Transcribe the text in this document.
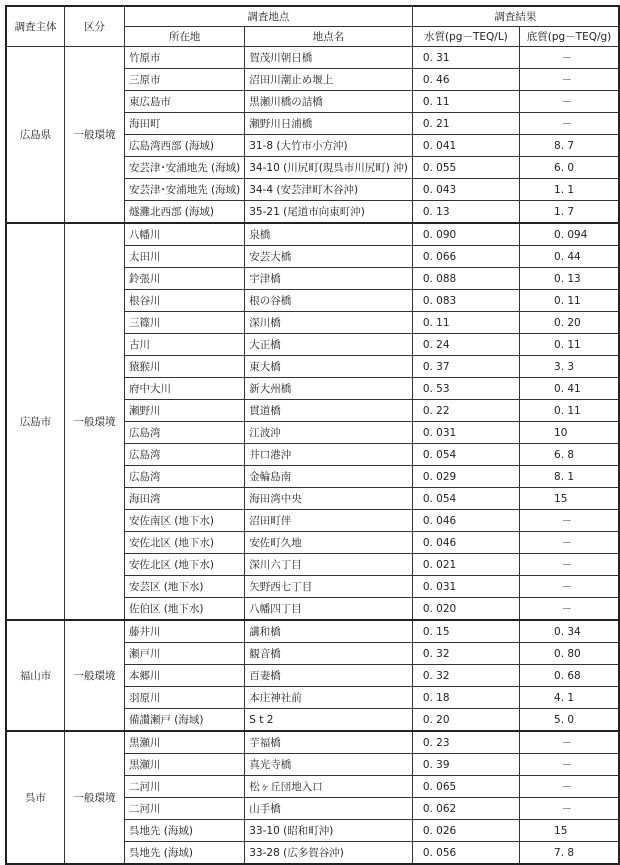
調査主体	区分	調査地点		調査結果	
		所在地	地点名	水質(pg－TEQ/L)	底質(pg－TEQ/g)
広島県	一般環境	竹原市	賀茂川朝日橋	0. 31	－
		三原市	沼田川潮止め堰上	0. 46	－
		東広島市	黒瀬川橋の詰橋	0. 11	－
		海田町	瀬野川日浦橋	0. 21	－
		広島湾西部 (海域)	31-8 (大竹市小方沖)	0. 041	8. 7
		安芸津･安浦地先 (海域)	34-10 (川尻町(現呉市川尻町) 沖)	0. 055	6. 0
		安芸津･安浦地先 (海域)	34-4 (安芸津町木谷沖)	0. 043	1. 1
		燧灘北西部 (海域)	35-21 (尾道市向東町沖)	0. 13	1. 7
広島市	一般環境	八幡川	泉橋	0. 090	0. 094
		太田川	安芸大橋	0. 066	0. 44
		鈴張川	宇津橋	0. 088	0. 13
		根谷川	根の谷橋	0. 083	0. 11
		三篠川	深川橋	0. 11	0. 20
		古川	大正橋	0. 24	0. 11
		猿猴川	東大橋	0. 37	3. 3
		府中大川	新大州橋	0. 53	0. 41
		瀬野川	貫道橋	0. 22	0. 11
		広島湾	江波沖	0. 031	10
		広島湾	井口港沖	0. 054	6. 8
		広島湾	金輪島南	0. 029	8. 1
		海田湾	海田湾中央	0. 054	15
		安佐南区 (地下水)	沼田町伴	0. 046	－
		安佐北区 (地下水)	安佐町久地	0. 046	－
		安佐北区 (地下水)	深川六丁目	0. 021	－
		安芸区 (地下水)	矢野西七丁目	0. 031	－
		佐伯区 (地下水)	八幡四丁目	0. 020	－
福山市	一般環境	藤井川	講和橋	0. 15	0. 34
		瀬戸川	観音橋	0. 32	0. 80
		本郷川	百妻橋	0. 32	0. 68
		羽原川	本庄神社前	0. 18	4. 1
		備讃瀬戸 (海域)	S t 2	0. 20	5. 0
呉市	一般環境	黒瀬川	芋福橋	0. 23	－
		黒瀬川	真光寺橋	0. 39	－
		二河川	松ヶ丘団地入口	0. 065	－
		二河川	山手橋	0. 062	－
		呉地先 (海域)	33-10 (昭和町沖)	0. 026	15
		呉地先 (海域)	33-28 (広多賀谷沖)	0. 056	7. 8
